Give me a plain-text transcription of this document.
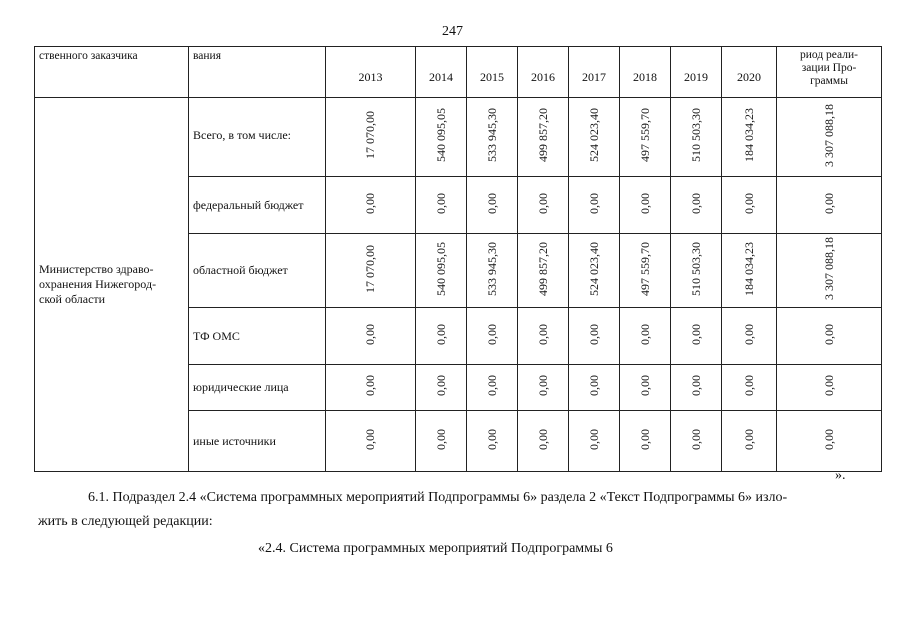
247
ственного заказчика	вания	2013	2014	2015	2016	2017	2018	2019	2020	риод реали-
зации Про-
граммы

Министерство здраво-
охранения Нижегород-
ской области	Всего, в том числе:	17 070,00	540 095,05	533 945,30	499 857,20	524 023,40	497 559,70	510 503,30	184 034,23	3 307 088,18
	федеральный бюджет	0,00	0,00	0,00	0,00	0,00	0,00	0,00	0,00	0,00
	областной бюджет	17 070,00	540 095,05	533 945,30	499 857,20	524 023,40	497 559,70	510 503,30	184 034,23	3 307 088,18
	ТФ ОМС	0,00	0,00	0,00	0,00	0,00	0,00	0,00	0,00	0,00
	юридические лица	0,00	0,00	0,00	0,00	0,00	0,00	0,00	0,00	0,00
	иные источники	0,00	0,00	0,00	0,00	0,00	0,00	0,00	0,00	0,00
».
6.1. Подраздел 2.4 «Система программных мероприятий Подпрограммы 6» раздела 2 «Текст Подпрограммы 6» изло-
жить в следующей редакции:
«2.4. Система программных мероприятий Подпрограммы 6
